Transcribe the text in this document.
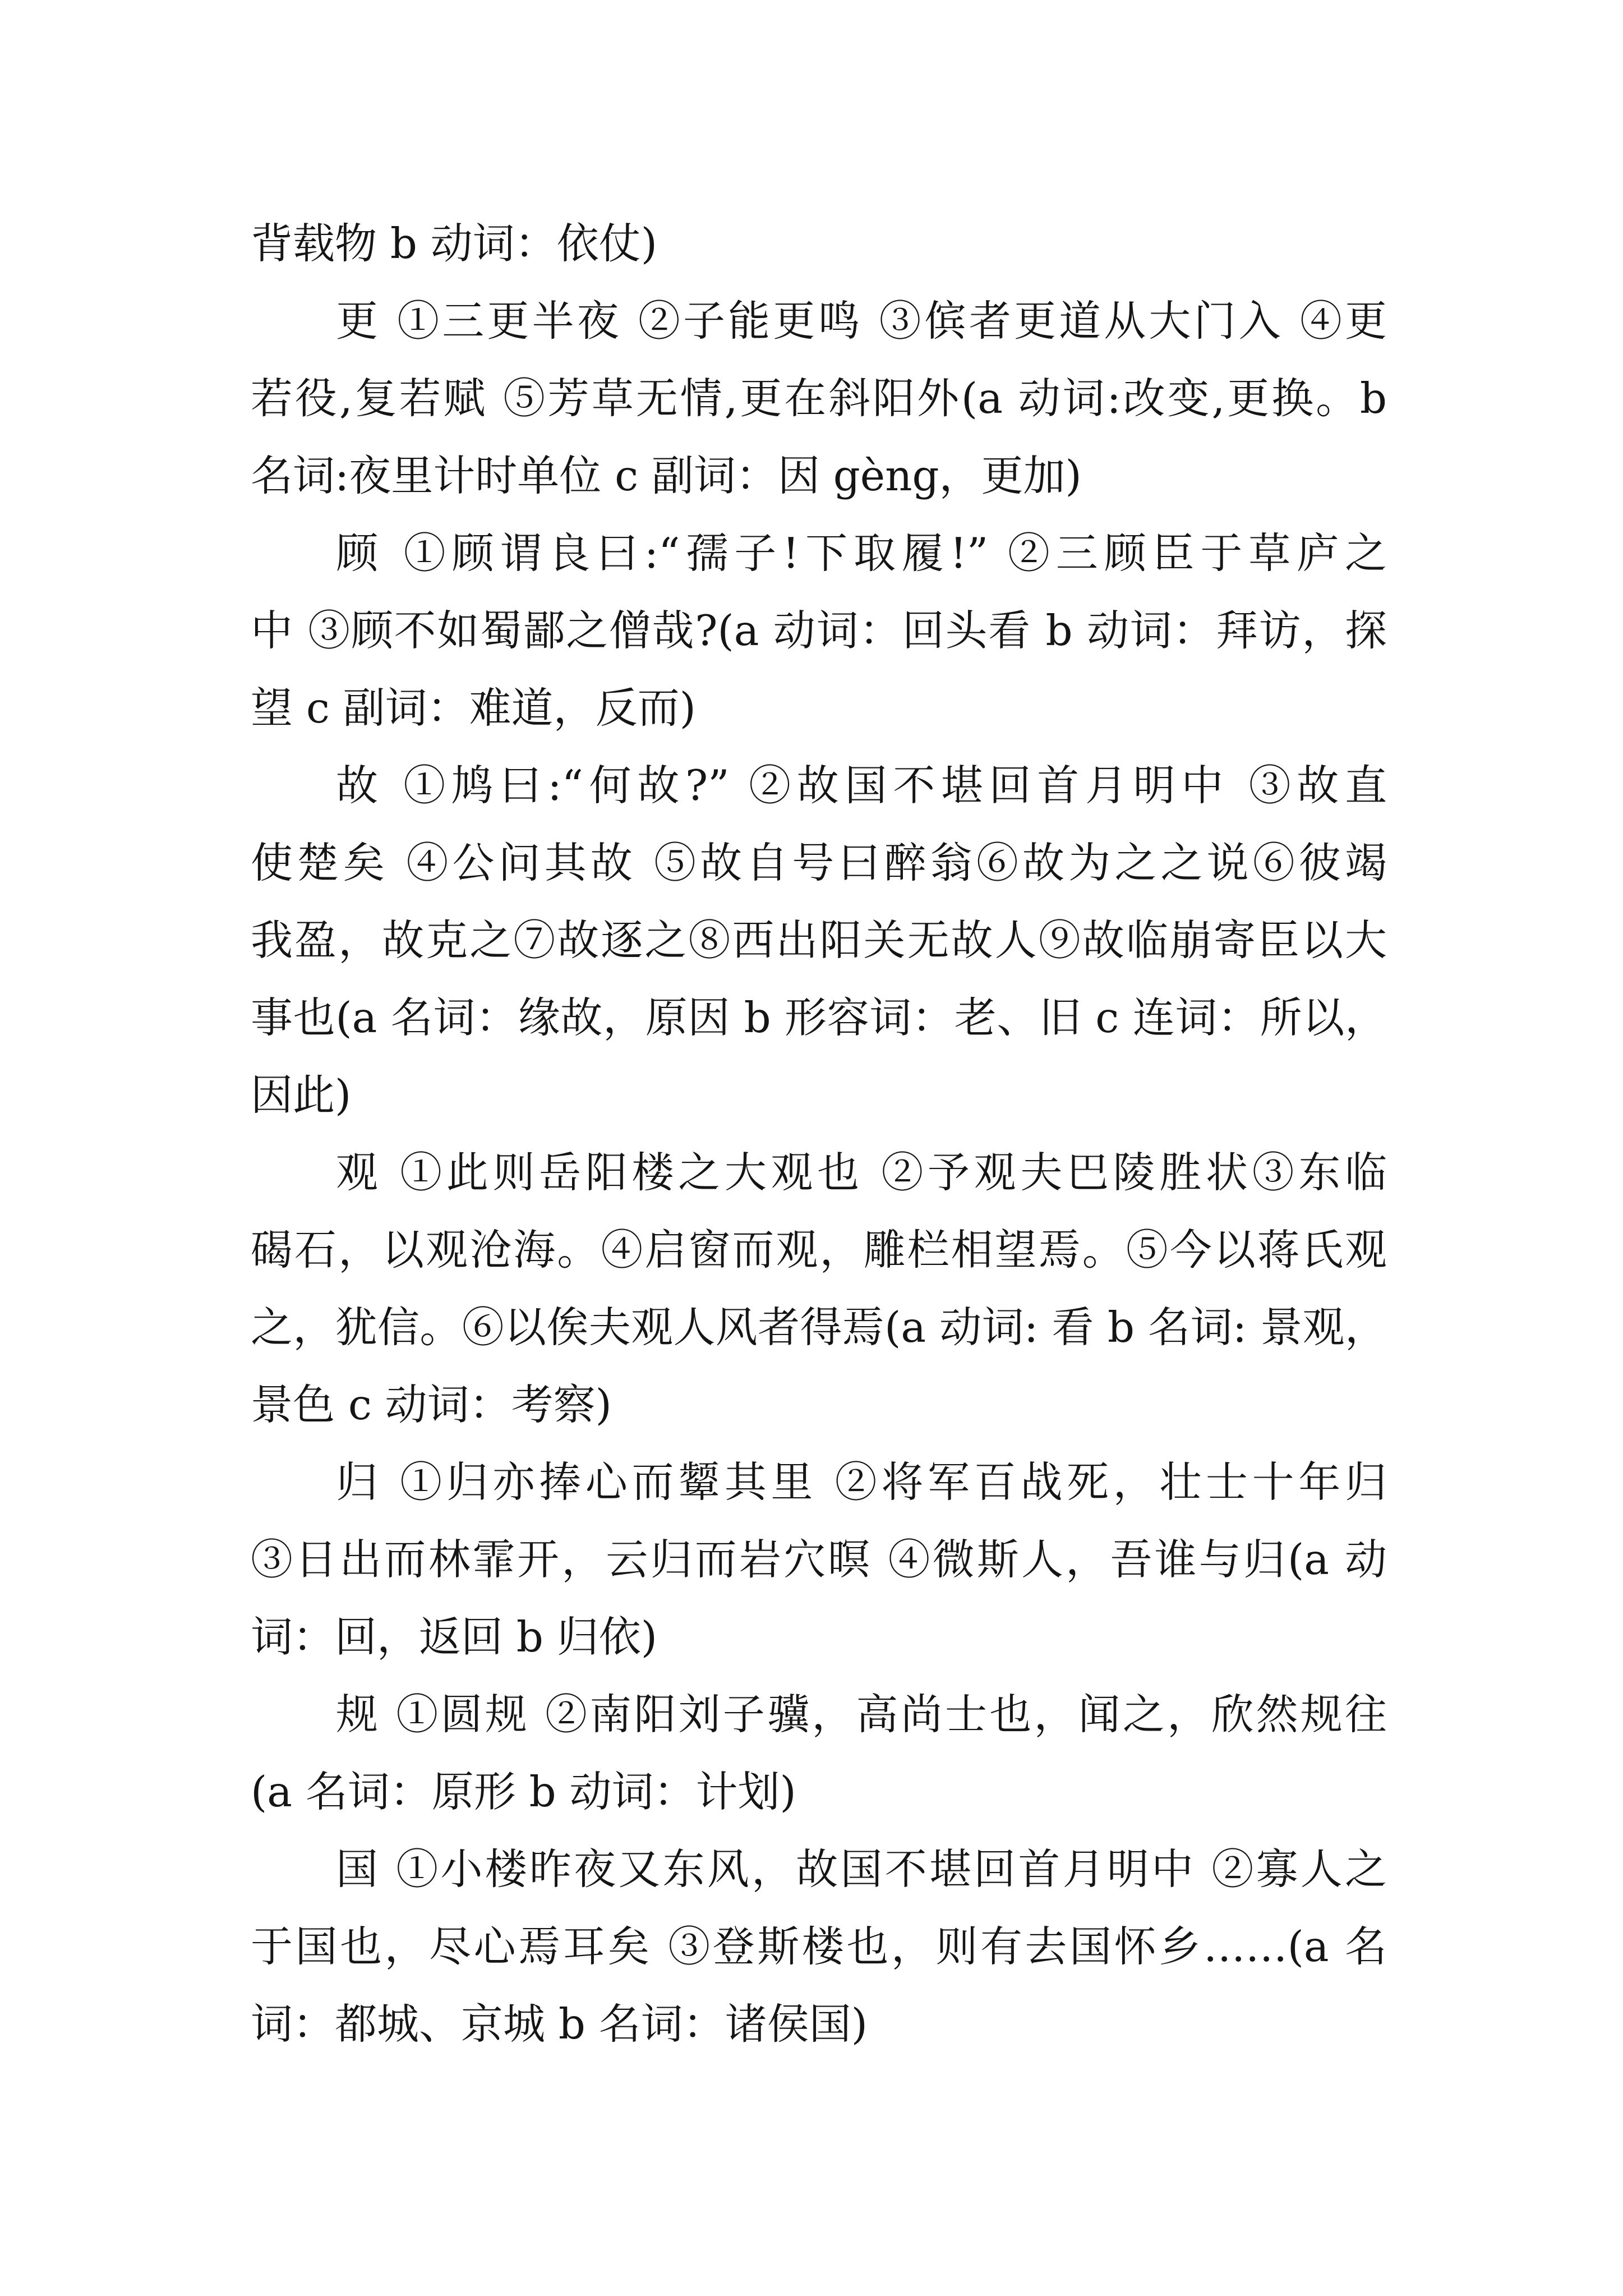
背载物 b 动词：依仗)
更 ①三更半夜 ②子能更鸣 ③傧者更道从大门入 ④更
若役,复若赋 ⑤芳草无情,更在斜阳外(a 动词:改变,更换。b
名词:夜里计时单位 c 副词：因 gèng，更加)
顾 ①顾谓良曰:“孺子!下取履!” ②三顾臣于草庐之
中 ③顾不如蜀鄙之僧哉?(a 动词：回头看 b 动词：拜访，探
望 c 副词：难道，反而)
故 ①鸠曰:“何故?” ②故国不堪回首月明中 ③故直
使楚矣 ④公问其故 ⑤故自号曰醉翁⑥故为之之说⑥彼竭
我盈，故克之⑦故逐之⑧西出阳关无故人⑨故临崩寄臣以大
事也(a 名词：缘故，原因 b 形容词：老、旧 c 连词：所以，
因此)
观 ①此则岳阳楼之大观也 ②予观夫巴陵胜状③东临
碣石，以观沧海。④启窗而观，雕栏相望焉。⑤今以蒋氏观
之，犹信。⑥以俟夫观人风者得焉(a 动词: 看 b 名词: 景观，
景色 c 动词：考察)
归 ①归亦捧心而颦其里 ②将军百战死，壮士十年归
③日出而林霏开，云归而岩穴暝 ④微斯人，吾谁与归(a 动
词：回，返回 b 归依)
规 ①圆规 ②南阳刘子骥，高尚士也，闻之，欣然规往
(a 名词：原形 b 动词：计划)
国 ①小楼昨夜又东风，故国不堪回首月明中 ②寡人之
于国也，尽心焉耳矣 ③登斯楼也，则有去国怀乡……(a 名
词：都城、京城 b 名词：诸侯国)
